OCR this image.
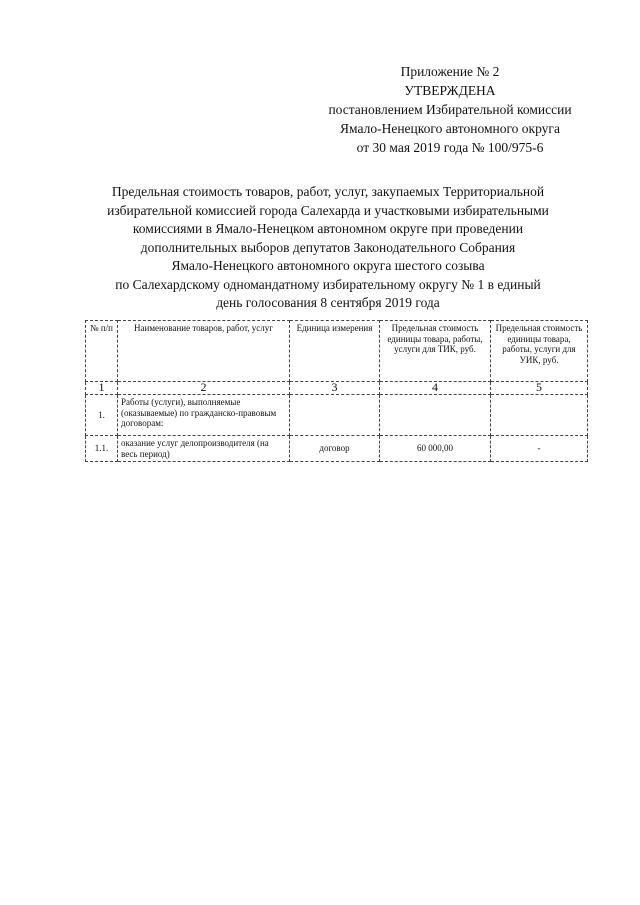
Приложение № 2
УТВЕРЖДЕНА
постановлением Избирательной комиссии
Ямало-Ненецкого автономного округа
от 30 мая 2019 года № 100/975-6
Предельная стоимость товаров, работ, услуг, закупаемых Территориальной
избирательной комиссией города Салехарда и участковыми избирательными
комиссиями в Ямало-Ненецком автономном округе при проведении
дополнительных выборов депутатов Законодательного Собрания
Ямало-Ненецкого автономного округа шестого созыва
по Салехардскому одномандатному избирательному округу № 1 в единый
день голосования 8 сентября 2019 года
№ п/п	Наименование товаров, работ, услуг	Единица измерения	Предельная стоимость единицы товара, работы, услуги для ТИК, руб.	Предельная стоимость единицы товара, работы, услуги для УИК, руб.
1	2	3	4	5
1.	Работы (услуги), выполняемые (оказываемые) по гражданско-правовым договорам:			
1.1.	оказание услуг делопроизводителя (на весь период)	договор	60 000,00	-
